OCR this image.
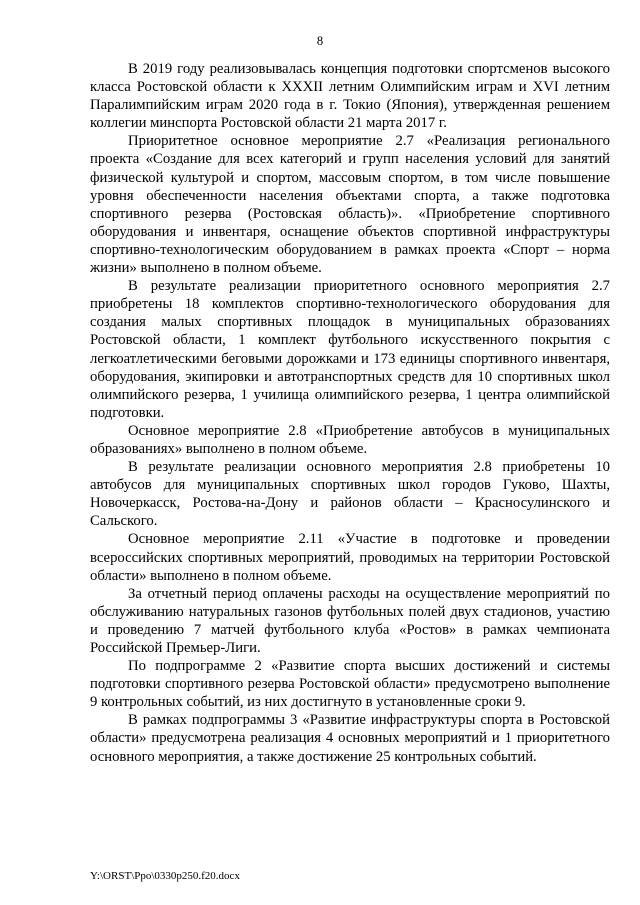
8

В 2019 году реализовывалась концепция подготовки спортсменов высокого класса Ростовской области к XXXII летним Олимпийским играм и XVI летним Паралимпийским играм 2020 года в г. Токио (Япония), утвержденная решением коллегии минспорта Ростовской области 21 марта 2017 г.

Приоритетное основное мероприятие 2.7 «Реализация регионального проекта «Создание для всех категорий и групп населения условий для занятий физической культурой и спортом, массовым спортом, в том числе повышение уровня обеспеченности населения объектами спорта, а также подготовка спортивного резерва (Ростовская область)». «Приобретение спортивного оборудования и инвентаря, оснащение объектов спортивной инфраструктуры спортивно-технологическим оборудованием в рамках проекта «Спорт – норма жизни» выполнено в полном объеме.

В результате реализации приоритетного основного мероприятия 2.7 приобретены 18 комплектов спортивно-технологического оборудования для создания малых спортивных площадок в муниципальных образованиях Ростовской области, 1 комплект футбольного искусственного покрытия с легкоатлетическими беговыми дорожками и 173 единицы спортивного инвентаря, оборудования, экипировки и автотранспортных средств для 10 спортивных школ олимпийского резерва, 1 училища олимпийского резерва, 1 центра олимпийской подготовки.

Основное мероприятие 2.8 «Приобретение автобусов в муниципальных образованиях» выполнено в полном объеме.

В результате реализации основного мероприятия 2.8 приобретены 10 автобусов для муниципальных спортивных школ городов Гуково, Шахты, Новочеркасск, Ростова-на-Дону и районов области – Красносулинского и Сальского.

Основное мероприятие 2.11 «Участие в подготовке и проведении всероссийских спортивных мероприятий, проводимых на территории Ростовской области» выполнено в полном объеме.

За отчетный период оплачены расходы на осуществление мероприятий по обслуживанию натуральных газонов футбольных полей двух стадионов, участию и проведению 7 матчей футбольного клуба «Ростов» в рамках чемпионата Российской Премьер-Лиги.

По подпрограмме 2 «Развитие спорта высших достижений и системы подготовки спортивного резерва Ростовской области» предусмотрено выполнение 9 контрольных событий, из них достигнуто в установленные сроки 9.

В рамках подпрограммы 3 «Развитие инфраструктуры спорта в Ростовской области» предусмотрена реализация 4 основных мероприятий и 1 приоритетного основного мероприятия, а также достижение 25 контрольных событий.

Y:\ORST\Ppo\0330p250.f20.docx
